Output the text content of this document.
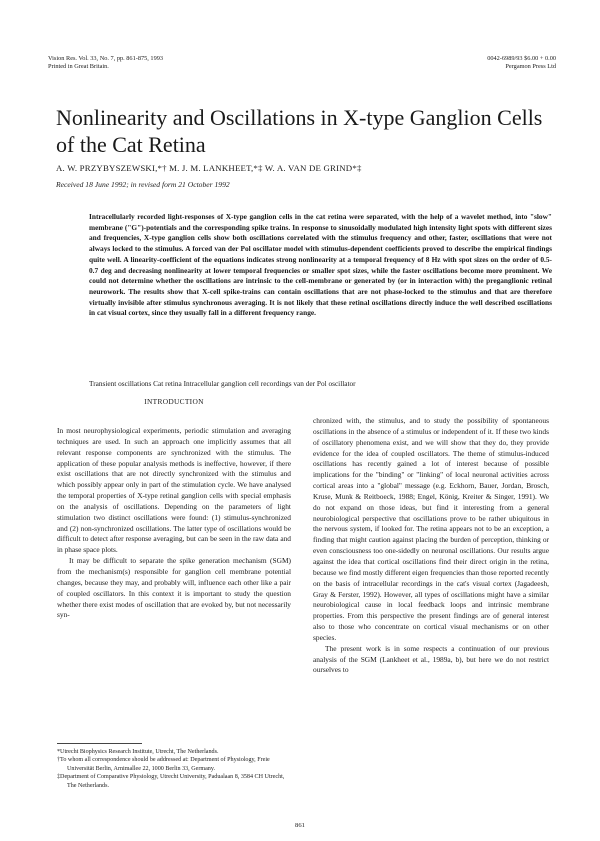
Vision Res. Vol. 33, No. 7, pp. 861-875, 1993
Printed in Great Britain.
0042-6989/93 $6.00 + 0.00
Pergamon Press Ltd
Nonlinearity and Oscillations in X-type Ganglion Cells of the Cat Retina
A. W. PRZYBYSZEWSKI,*† M. J. M. LANKHEET,*‡ W. A. VAN DE GRIND*‡
Received 18 June 1992; in revised form 21 October 1992
Intracellularly recorded light-responses of X-type ganglion cells in the cat retina were separated, with the help of a wavelet method, into "slow" membrane ("G")-potentials and the corresponding spike trains. In response to sinusoidally modulated high intensity light spots with different sizes and frequencies, X-type ganglion cells show both oscillations correlated with the stimulus frequency and other, faster, oscillations that were not always locked to the stimulus. A forced van der Pol oscillator model with stimulus-dependent coefficients proved to describe the empirical findings quite well. A linearity-coefficient of the equations indicates strong nonlinearity at a temporal frequency of 8 Hz with spot sizes on the order of 0.5-0.7 deg and decreasing nonlinearity at lower temporal frequencies or smaller spot sizes, while the faster oscillations become more prominent. We could not determine whether the oscillations are intrinsic to the cell-membrane or generated by (or in interaction with) the preganglionic retinal neurowork. The results show that X-cell spike-trains can contain oscillations that are not phase-locked to the stimulus and that are therefore virtually invisible after stimulus synchronous averaging. It is not likely that these retinal oscillations directly induce the well described oscillations in cat visual cortex, since they usually fall in a different frequency range.
Transient oscillations Cat retina Intracellular ganglion cell recordings van der Pol oscillator
INTRODUCTION

In most neurophysiological experiments, periodic stimulation and averaging techniques are used. In such an approach one implicitly assumes that all relevant response components are synchronized with the stimulus. The application of these popular analysis methods is ineffective, however, if there exist oscillations that are not directly synchronized with the stimulus and which possibly appear only in part of the stimulation cycle. We have analysed the temporal properties of X-type retinal ganglion cells with special emphasis on the analysis of oscillations. Depending on the parameters of light stimulation two distinct oscillations were found: (1) stimulus-synchronized and (2) non-synchronized oscillations. The latter type of oscillations would be difficult to detect after response averaging, but can be seen in the raw data and in phase space plots.

It may be difficult to separate the spike generation mechanism (SGM) from the mechanism(s) responsible for ganglion cell membrane potential changes, because they may, and probably will, influence each other like a pair of coupled oscillators. In this context it is important to study the question whether there exist modes of oscillation that are evoked by, but not necessarily syn-

*Utrecht Biophysics Research Institute, Utrecht, The Netherlands.

†To whom all correspondence should be addressed at: Department of Physiology, Freie Universität Berlin, Arnimallee 22, 1000 Berlin 33, Germany.

‡Department of Comparative Physiology, Utrecht University, Padualaan 8, 3584 CH Utrecht, The Netherlands.

chronized with, the stimulus, and to study the possibility of spontaneous oscillations in the absence of a stimulus or independent of it. If these two kinds of oscillatory phenomena exist, and we will show that they do, they provide evidence for the idea of coupled oscillators. The theme of stimulus-induced oscillations has recently gained a lot of interest because of possible implications for the "binding" or "linking" of local neuronal activities across cortical areas into a "global" message (e.g. Eckhorn, Bauer, Jordan, Brosch, Kruse, Munk & Reitboeck, 1988; Engel, König, Kreiter & Singer, 1991). We do not expand on those ideas, but find it interesting from a general neurobiological perspective that oscillations prove to be rather ubiquitous in the nervous system, if looked for. The retina appears not to be an exception, a finding that might caution against placing the burden of perception, thinking or even consciousness too one-sidedly on neuronal oscillations. Our results argue against the idea that cortical oscillations find their direct origin in the retina, because we find mostly different eigen frequencies than those reported recently on the basis of intracellular recordings in the cat's visual cortex (Jagadeesh, Gray & Ferster, 1992). However, all types of oscillations might have a similar neurobiological cause in local feedback loops and intrinsic membrane properties. From this perspective the present findings are of general interest also to those who concentrate on cortical visual mechanisms or on other species.

The present work is in some respects a continuation of our previous analysis of the SGM (Lankheet et al., 1989a, b), but here we do not restrict ourselves to

861
